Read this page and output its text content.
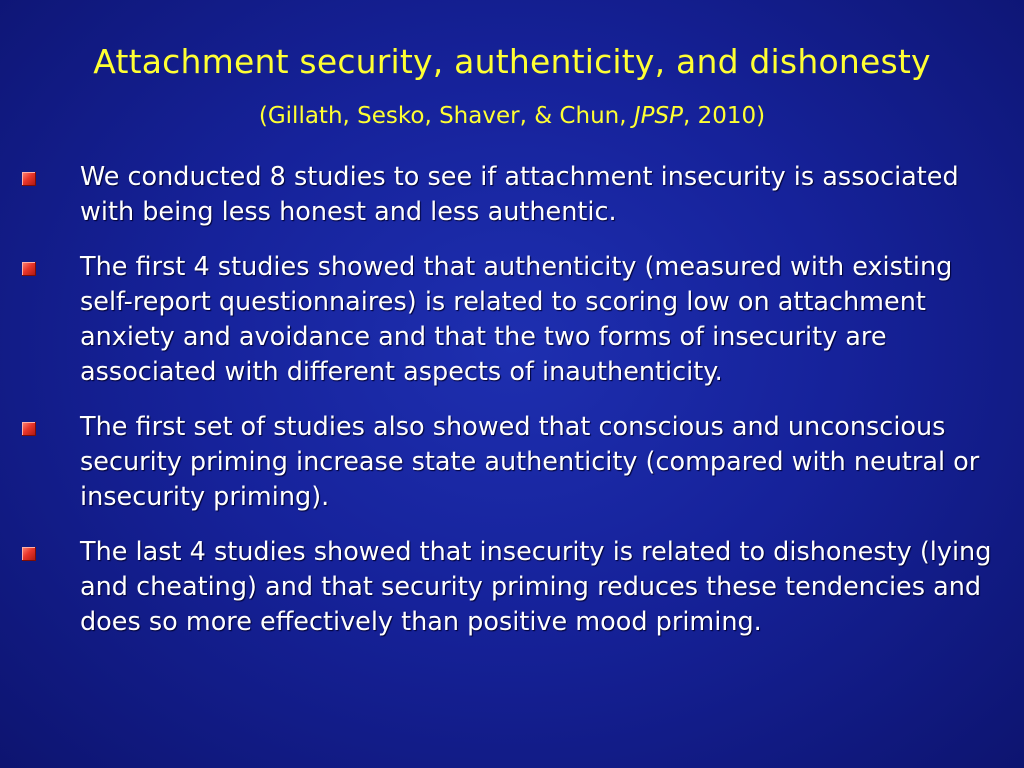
Attachment security, authenticity, and dishonesty
(Gillath, Sesko, Shaver, & Chun, JPSP, 2010)
We conducted 8 studies to see if attachment insecurity is associated with being less honest and less authentic.
The first 4 studies showed that authenticity (measured with existing self-report questionnaires) is related to scoring low on attachment anxiety and avoidance and that the two forms of insecurity are associated with different aspects of inauthenticity.
The first set of studies also showed that conscious and unconscious security priming increase state authenticity (compared with neutral or insecurity priming).
The last 4 studies showed that insecurity is related to dishonesty (lying and cheating) and that security priming reduces these tendencies and does so more effectively than positive mood priming.
